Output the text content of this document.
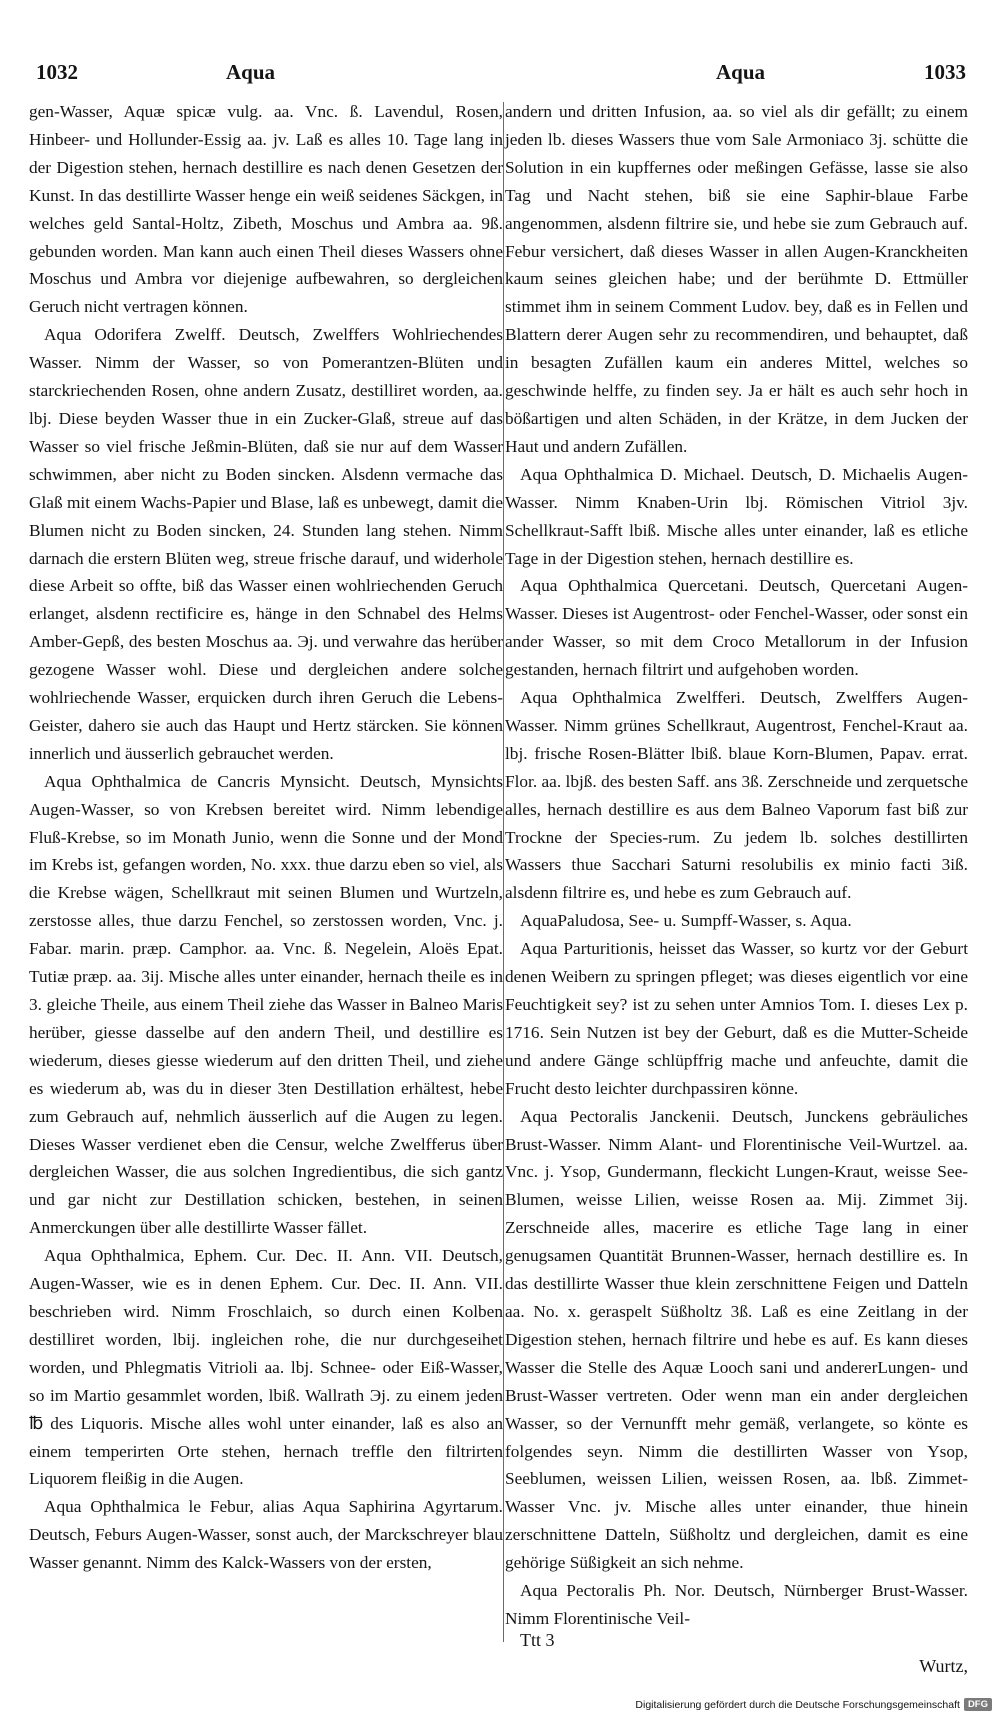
1032	Aqua	Aqua	1033

gen-Wasser, Aquæ spicæ vulg. aa. Vnc. ß. Lavendul, Rosen, Hinbeer- und Hollunder-Essig aa. jv. Laß es alles 10. Tage lang in der Digestion stehen, hernach destillire es nach denen Gesetzen der Kunst. In das destillirte Wasser henge ein weiß seidenes Säckgen, in welches geld Santal-Holtz, Zibeth, Moschus und Ambra aa. 9ß. gebunden worden. Man kann auch einen Theil dieses Wassers ohne Moschus und Ambra vor diejenige aufbewahren, so dergleichen Geruch nicht vertragen können.

Aqua Odorifera Zwelff. Deutsch, Zwelffers Wohlriechendes Wasser. Nimm der Wasser, so von Pomerantzen-Blüten und starckriechenden Rosen, ohne andern Zusatz, destilliret worden, aa. lbj. Diese beyden Wasser thue in ein Zucker-Glaß, streue auf das Wasser so viel frische Jeßmin-Blüten, daß sie nur auf dem Wasser schwimmen, aber nicht zu Boden sincken. Alsdenn vermache das Glaß mit einem Wachs-Papier und Blase, laß es unbewegt, damit die Blumen nicht zu Boden sincken, 24. Stunden lang stehen. Nimm darnach die erstern Blüten weg, streue frische darauf, und widerhole diese Arbeit so offte, biß das Wasser einen wohlriechenden Geruch erlanget, alsdenn rectificire es, hänge in den Schnabel des Helms Amber-Gepß, des besten Moschus aa. Эj. und verwahre das herüber gezogene Wasser wohl. Diese und dergleichen andere solche wohlriechende Wasser, erquicken durch ihren Geruch die Lebens-Geister, dahero sie auch das Haupt und Hertz stärcken. Sie können innerlich und äusserlich gebrauchet werden.

Aqua Ophthalmica de Cancris Mynsicht. Deutsch, Mynsichts Augen-Wasser, so von Krebsen bereitet wird. Nimm lebendige Fluß-Krebse, so im Monath Junio, wenn die Sonne und der Mond im Krebs ist, gefangen worden, No. xxx. thue darzu eben so viel, als die Krebse wägen, Schellkraut mit seinen Blumen und Wurtzeln, zerstosse alles, thue darzu Fenchel, so zerstossen worden, Vnc. j. Fabar. marin. præp. Camphor. aa. Vnc. ß. Negelein, Aloës Epat. Tutiæ præp. aa. 3ij. Mische alles unter einander, hernach theile es in 3. gleiche Theile, aus einem Theil ziehe das Wasser in Balneo Maris herüber, giesse dasselbe auf den andern Theil, und destillire es wiederum, dieses giesse wiederum auf den dritten Theil, und ziehe es wiederum ab, was du in dieser 3ten Destillation erhältest, hebe zum Gebrauch auf, nehmlich äusserlich auf die Augen zu legen. Dieses Wasser verdienet eben die Censur, welche Zwelfferus über dergleichen Wasser, die aus solchen Ingredientibus, die sich gantz und gar nicht zur Destillation schicken, bestehen, in seinen Anmerckungen über alle destillirte Wasser fället.

Aqua Ophthalmica, Ephem. Cur. Dec. II. Ann. VII. Deutsch, Augen-Wasser, wie es in denen Ephem. Cur. Dec. II. Ann. VII. beschrieben wird. Nimm Froschlaich, so durch einen Kolben destilliret worden, lbij. ingleichen rohe, die nur durchgeseihet worden, und Phlegmatis Vitrioli aa. lbj. Schnee- oder Eiß-Wasser, so im Martio gesammlet worden, lbiß. Wallrath Эj. zu einem jeden ℔ des Liquoris. Mische alles wohl unter einander, laß es also an einem temperirten Orte stehen, hernach treffle den filtrirten Liquorem fleißig in die Augen.

Aqua Ophthalmica le Febur, alias Aqua Saphirina Agyrtarum. Deutsch, Feburs Augen-Wasser, sonst auch, der Marckschreyer blau Wasser genannt. Nimm des Kalck-Wassers von der ersten,

andern und dritten Infusion, aa. so viel als dir gefällt; zu einem jeden lb. dieses Wassers thue vom Sale Armoniaco 3j. schütte die Solution in ein kupffernes oder meßingen Gefässe, lasse sie also Tag und Nacht stehen, biß sie eine Saphir-blaue Farbe angenommen, alsdenn filtrire sie, und hebe sie zum Gebrauch auf. Febur versichert, daß dieses Wasser in allen Augen-Kranckheiten kaum seines gleichen habe; und der berühmte D. Ettmüller stimmet ihm in seinem Comment Ludov. bey, daß es in Fellen und Blattern derer Augen sehr zu recommendiren, und behauptet, daß in besagten Zufällen kaum ein anderes Mittel, welches so geschwinde helffe, zu finden sey. Ja er hält es auch sehr hoch in bößartigen und alten Schäden, in der Krätze, in dem Jucken der Haut und andern Zufällen.

Aqua Ophthalmica D. Michael. Deutsch, D. Michaelis Augen-Wasser. Nimm Knaben-Urin lbj. Römischen Vitriol 3jv. Schellkraut-Safft lbiß. Mische alles unter einander, laß es etliche Tage in der Digestion stehen, hernach destillire es.

Aqua Ophthalmica Quercetani. Deutsch, Quercetani Augen-Wasser. Dieses ist Augentrost- oder Fenchel-Wasser, oder sonst ein ander Wasser, so mit dem Croco Metallorum in der Infusion gestanden, hernach filtrirt und aufgehoben worden.

Aqua Ophthalmica Zwelfferi. Deutsch, Zwelffers Augen-Wasser. Nimm grünes Schellkraut, Augentrost, Fenchel-Kraut aa. lbj. frische Rosen-Blätter lbiß. blaue Korn-Blumen, Papav. errat. Flor. aa. lbjß. des besten Saff. ans 3ß. Zerschneide und zerquetsche alles, hernach destillire es aus dem Balneo Vaporum fast biß zur Trockne der Species-rum. Zu jedem lb. solches destillirten Wassers thue Sacchari Saturni resolubilis ex minio facti 3iß. alsdenn filtrire es, und hebe es zum Gebrauch auf.

AquaPaludosa, See- u. Sumpff-Wasser, s. Aqua.

Aqua Parturitionis, heisset das Wasser, so kurtz vor der Geburt denen Weibern zu springen pfleget; was dieses eigentlich vor eine Feuchtigkeit sey? ist zu sehen unter Amnios Tom. I. dieses Lex p. 1716. Sein Nutzen ist bey der Geburt, daß es die Mutter-Scheide und andere Gänge schlüpffrig mache und anfeuchte, damit die Frucht desto leichter durchpassiren könne.

Aqua Pectoralis Janckenii. Deutsch, Junckens gebräuliches Brust-Wasser. Nimm Alant- und Florentinische Veil-Wurtzel. aa. Vnc. j. Ysop, Gundermann, fleckicht Lungen-Kraut, weisse See-Blumen, weisse Lilien, weisse Rosen aa. Mij. Zimmet 3ij. Zerschneide alles, macerire es etliche Tage lang in einer genugsamen Quantität Brunnen-Wasser, hernach destillire es. In das destillirte Wasser thue klein zerschnittene Feigen und Datteln aa. No. x. geraspelt Süßholtz 3ß. Laß es eine Zeitlang in der Digestion stehen, hernach filtrire und hebe es auf. Es kann dieses Wasser die Stelle des Aquæ Looch sani und andererLungen- und Brust-Wasser vertreten. Oder wenn man ein ander dergleichen Wasser, so der Vernunfft mehr gemäß, verlangete, so könte es folgendes seyn. Nimm die destillirten Wasser von Ysop, Seeblumen, weissen Lilien, weissen Rosen, aa. lbß. Zimmet-Wasser Vnc. jv. Mische alles unter einander, thue hinein zerschnittene Datteln, Süßholtz und dergleichen, damit es eine gehörige Süßigkeit an sich nehme.

Aqua Pectoralis Ph. Nor. Deutsch, Nürnberger Brust-Wasser. Nimm Florentinische Veil-

Ttt 3
Wurtz,
Digitalisierung gefördert durch die Deutsche Forschungsgemeinschaft DFG
